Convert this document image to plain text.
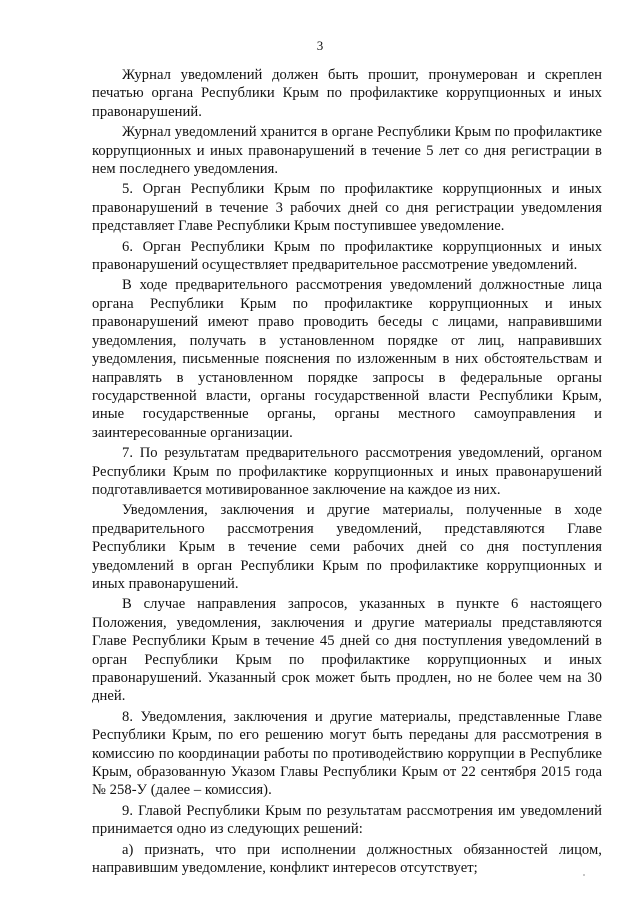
3

Журнал уведомлений должен быть прошит, пронумерован и скреплен печатью органа Республики Крым по профилактике коррупционных и иных правонарушений.

Журнал уведомлений хранится в органе Республики Крым по профилактике коррупционных и иных правонарушений в течение 5 лет со дня регистрации в нем последнего уведомления.

5. Орган Республики Крым по профилактике коррупционных и иных правонарушений в течение 3 рабочих дней со дня регистрации уведомления представляет Главе Республики Крым поступившее уведомление.

6. Орган Республики Крым по профилактике коррупционных и иных правонарушений осуществляет предварительное рассмотрение уведомлений.

В ходе предварительного рассмотрения уведомлений должностные лица органа Республики Крым по профилактике коррупционных и иных правонарушений имеют право проводить беседы с лицами, направившими уведомления, получать в установленном порядке от лиц, направивших уведомления, письменные пояснения по изложенным в них обстоятельствам и направлять в установленном порядке запросы в федеральные органы государственной власти, органы государственной власти Республики Крым, иные государственные органы, органы местного самоуправления и заинтересованные организации.

7. По результатам предварительного рассмотрения уведомлений, органом Республики Крым по профилактике коррупционных и иных правонарушений подготавливается мотивированное заключение на каждое из них.

Уведомления, заключения и другие материалы, полученные в ходе предварительного рассмотрения уведомлений, представляются Главе Республики Крым в течение семи рабочих дней со дня поступления уведомлений в орган Республики Крым по профилактике коррупционных и иных правонарушений.

В случае направления запросов, указанных в пункте 6 настоящего Положения, уведомления, заключения и другие материалы представляются Главе Республики Крым в течение 45 дней со дня поступления уведомлений в орган Республики Крым по профилактике коррупционных и иных правонарушений. Указанный срок может быть продлен, но не более чем на 30 дней.

8. Уведомления, заключения и другие материалы, представленные Главе Республики Крым, по его решению могут быть переданы для рассмотрения в комиссию по координации работы по противодействию коррупции в Республике Крым, образованную Указом Главы Республики Крым от 22 сентября 2015 года № 258-У (далее – комиссия).

9. Главой Республики Крым по результатам рассмотрения им уведомлений принимается одно из следующих решений:

а) признать, что при исполнении должностных обязанностей лицом, направившим уведомление, конфликт интересов отсутствует;
